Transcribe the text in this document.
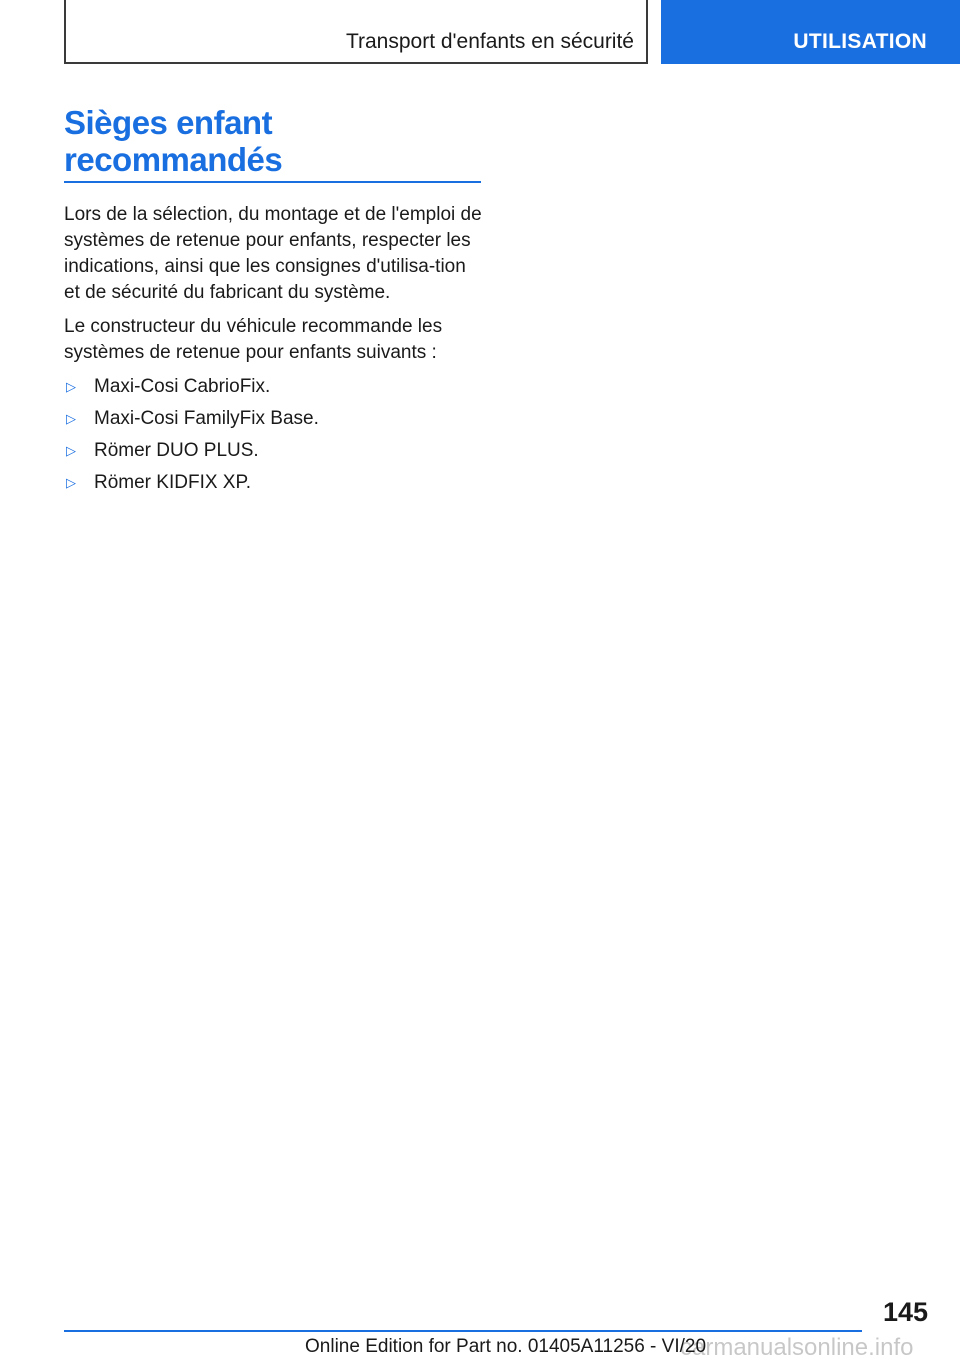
Transport d'enfants en sécurité	UTILISATION
Sièges enfant
recommandés

Lors de la sélection, du montage et de l'emploi de systèmes de retenue pour enfants, respecter les indications, ainsi que les consignes d'utilisa-tion et de sécurité du fabricant du système.

Le constructeur du véhicule recommande les systèmes de retenue pour enfants suivants :

▷ Maxi-Cosi CabrioFix.
▷ Maxi-Cosi FamilyFix Base.
▷ Römer DUO PLUS.
▷ Römer KIDFIX XP.
145
Online Edition for Part no. 01405A11256 - VI/20
carmanualsonline.info
